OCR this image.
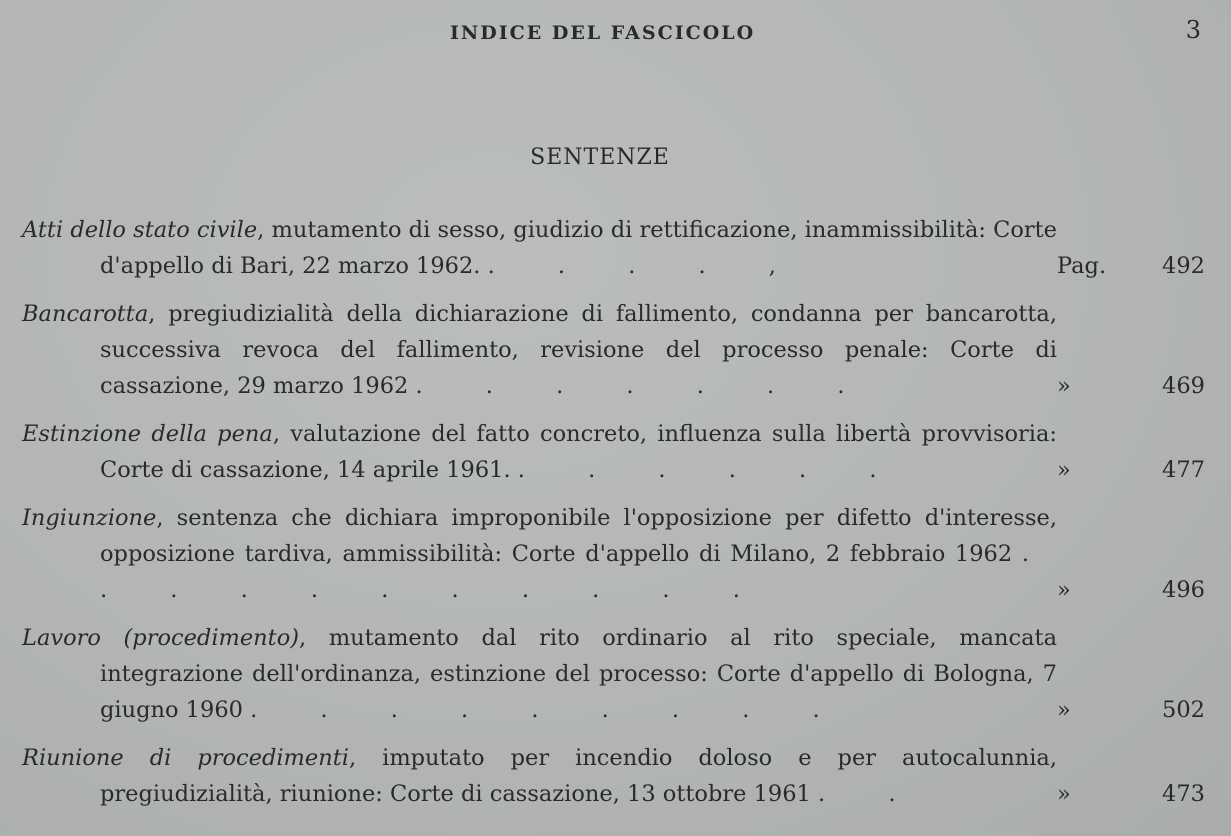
INDICE DEL FASCICOLO	3
SENTENZE
Atti dello stato civile, mutamento di sesso, giudizio di rettificazione, inammissibilità: Corte d'appello di Bari, 22 marzo 1962. . . . . ,	Pag.	492
Bancarotta, pregiudizialità della dichiarazione di fallimento, condanna per bancarotta, successiva revoca del fallimento, revisione del processo penale: Corte di cassazione, 29 marzo 1962 . . . . . . .	»	469
Estinzione della pena, valutazione del fatto concreto, influenza sulla libertà provvisoria: Corte di cassazione, 14 aprile 1961. . . . . . .	»	477
Ingiunzione, sentenza che dichiara improponibile l'opposizione per difetto d'interesse, opposizione tardiva, ammissibilità: Corte d'appello di Milano, 2 febbraio 1962 . . . . . . . . . . .	»	496
Lavoro (procedimento), mutamento dal rito ordinario al rito speciale, mancata integrazione dell'ordinanza, estinzione del processo: Corte d'appello di Bologna, 7 giugno 1960 . . . . . . . . .	»	502
Riunione di procedimenti, imputato per incendio doloso e per autocalunnia, pregiudizialità, riunione: Corte di cassazione, 13 ottobre 1961 . .	»	473
